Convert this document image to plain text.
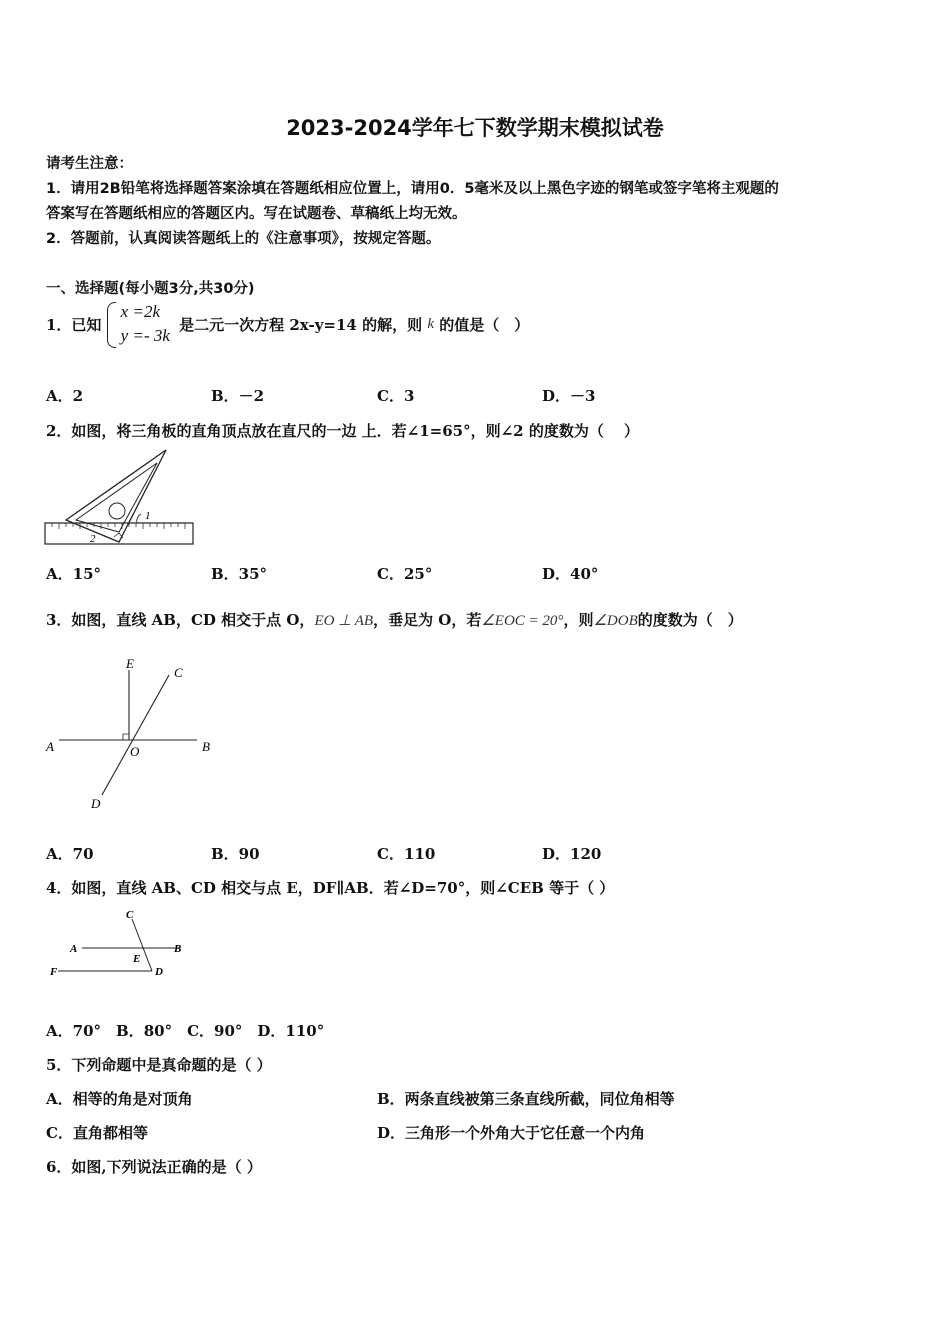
2023-2024学年七下数学期末模拟试卷
请考生注意：
1．请用2B铅笔将选择题答案涂填在答题纸相应位置上，请用0．5毫米及以上黑色字迹的钢笔或签字笔将主观题的
答案写在答题纸相应的答题区内。写在试题卷、草稿纸上均无效。
2．答题前，认真阅读答题纸上的《注意事项》，按规定答题。
一、选择题(每小题3分,共30分)
1．已知
x =2k
y =- 3k
是二元一次方程 2x-y=14 的解，则 k 的值是（　）
A．2	B．－2	C．3	D．－3
2．如图，将三角板的直角顶点放在直尺的一边 上．若∠1=65°，则∠2 的度数为（　 ）
1
2
A．15°	B．35°	C．25°	D．40°
3．如图，直线 AB，CD 相交于点 O，EO ⊥ AB，垂足为 O，若∠EOC = 20°，则∠DOB的度数为（　）
E
C
A	O	B
D
A．70	B．90	C．110	D．120
4．如图，直线 AB、CD 相交与点 E，DF∥AB．若∠D=70°，则∠CEB 等于（ ）
C
A	B
E
F	D
A．70°　B．80°　C．90°　D．110°
5．下列命题中是真命题的是（ ）
A．相等的角是对顶角	B．两条直线被第三条直线所截，同位角相等
C．直角都相等	D．三角形一个外角大于它任意一个内角
6．如图,下列说法正确的是（ ）
